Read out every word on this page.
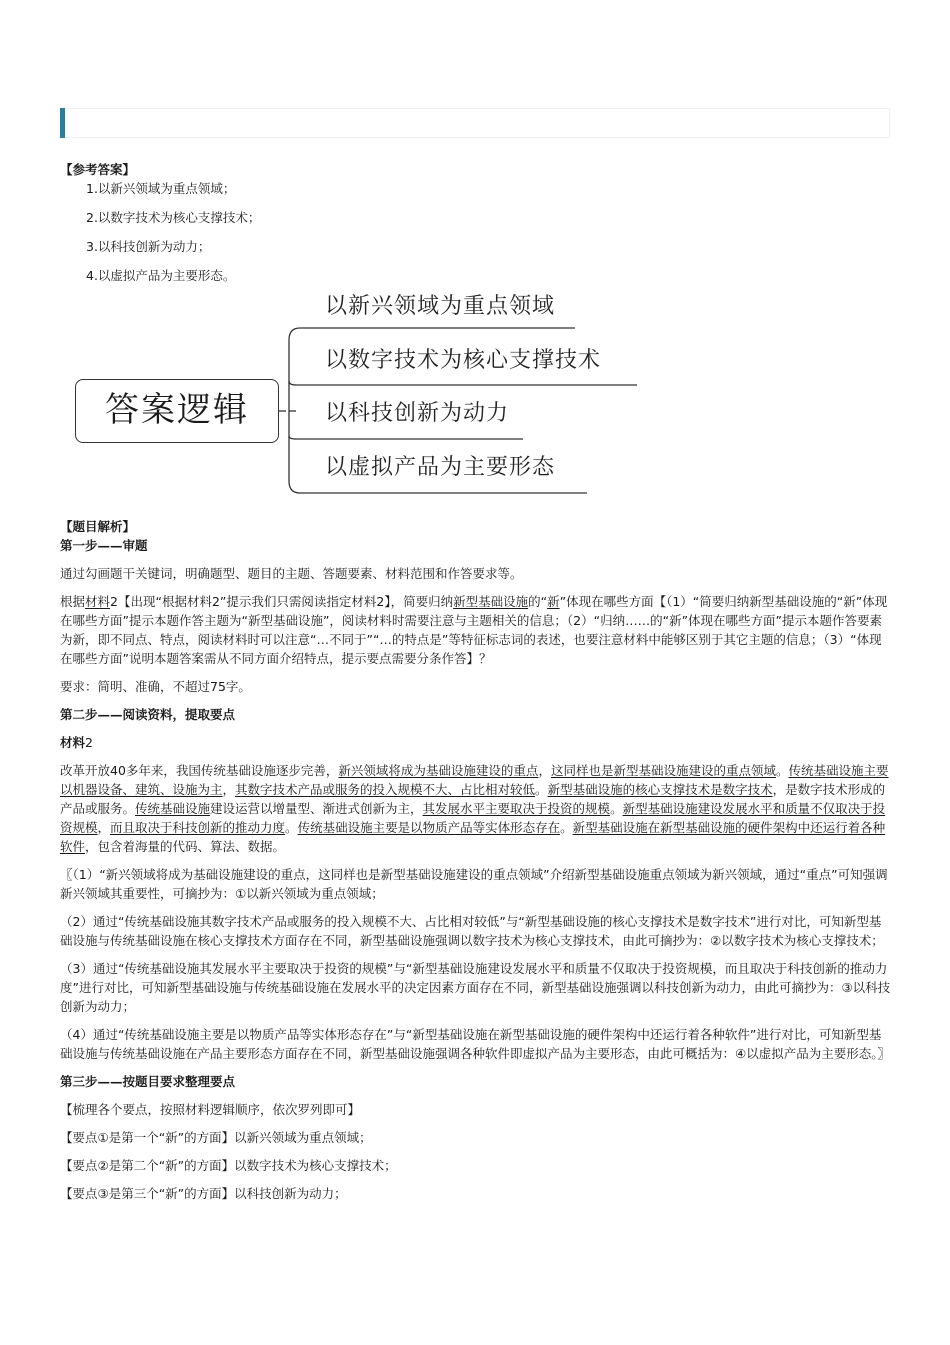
【参考答案】
1.以新兴领域为重点领域；
2.以数字技术为核心支撑技术；
3.以科技创新为动力；
4.以虚拟产品为主要形态。
答案逻辑
以新兴领域为重点领域
以数字技术为核心支撑技术
以科技创新为动力
以虚拟产品为主要形态
【题目解析】
第一步——审题
通过勾画题干关键词，明确题型、题目的主题、答题要素、材料范围和作答要求等。
根据材料2【出现“根据材料2”提示我们只需阅读指定材料2】，简要归纳新型基础设施的“新”体现在哪些方面【（1）“简要归纳新型基础设施的“新”体现在哪些方面”提示本题作答主题为“新型基础设施”，阅读材料时需要注意与主题相关的信息；（2）“归纳……的“新”体现在哪些方面”提示本题作答要素为新，即不同点、特点，阅读材料时可以注意“…不同于”“…的特点是”等特征标志词的表述，也要注意材料中能够区别于其它主题的信息；（3）“体现在哪些方面”说明本题答案需从不同方面介绍特点，提示要点需要分条作答】？
要求：简明、准确，不超过75字。
第二步——阅读资料，提取要点
材料2
改革开放40多年来，我国传统基础设施逐步完善，新兴领域将成为基础设施建设的重点，这同样也是新型基础设施建设的重点领域。传统基础设施主要以机器设备、建筑、设施为主，其数字技术产品或服务的投入规模不大、占比相对较低。新型基础设施的核心支撑技术是数字技术，是数字技术形成的产品或服务。传统基础设施建设运营以增量型、渐进式创新为主，其发展水平主要取决于投资的规模。新型基础设施建设发展水平和质量不仅取决于投资规模，而且取决于科技创新的推动力度。传统基础设施主要是以物质产品等实体形态存在。新型基础设施在新型基础设施的硬件架构中还运行着各种软件，包含着海量的代码、算法、数据。
〖（1）“新兴领域将成为基础设施建设的重点，这同样也是新型基础设施建设的重点领域”介绍新型基础设施重点领域为新兴领域，通过“重点”可知强调新兴领域其重要性，可摘抄为：①以新兴领域为重点领域；
（2）通过“传统基础设施其数字技术产品或服务的投入规模不大、占比相对较低”与“新型基础设施的核心支撑技术是数字技术”进行对比，可知新型基础设施与传统基础设施在核心支撑技术方面存在不同，新型基础设施强调以数字技术为核心支撑技术，由此可摘抄为：②以数字技术为核心支撑技术；
（3）通过“传统基础设施其发展水平主要取决于投资的规模”与“新型基础设施建设发展水平和质量不仅取决于投资规模，而且取决于科技创新的推动力度”进行对比，可知新型基础设施与传统基础设施在发展水平的决定因素方面存在不同，新型基础设施强调以科技创新为动力，由此可摘抄为：③以科技创新为动力；
（4）通过“传统基础设施主要是以物质产品等实体形态存在”与“新型基础设施在新型基础设施的硬件架构中还运行着各种软件”进行对比，可知新型基础设施与传统基础设施在产品主要形态方面存在不同，新型基础设施强调各种软件即虚拟产品为主要形态，由此可概括为：④以虚拟产品为主要形态。〗
第三步——按题目要求整理要点
【梳理各个要点，按照材料逻辑顺序，依次罗列即可】
【要点①是第一个“新”的方面】以新兴领域为重点领域；
【要点②是第二个“新”的方面】以数字技术为核心支撑技术；
【要点③是第三个“新”的方面】以科技创新为动力；
